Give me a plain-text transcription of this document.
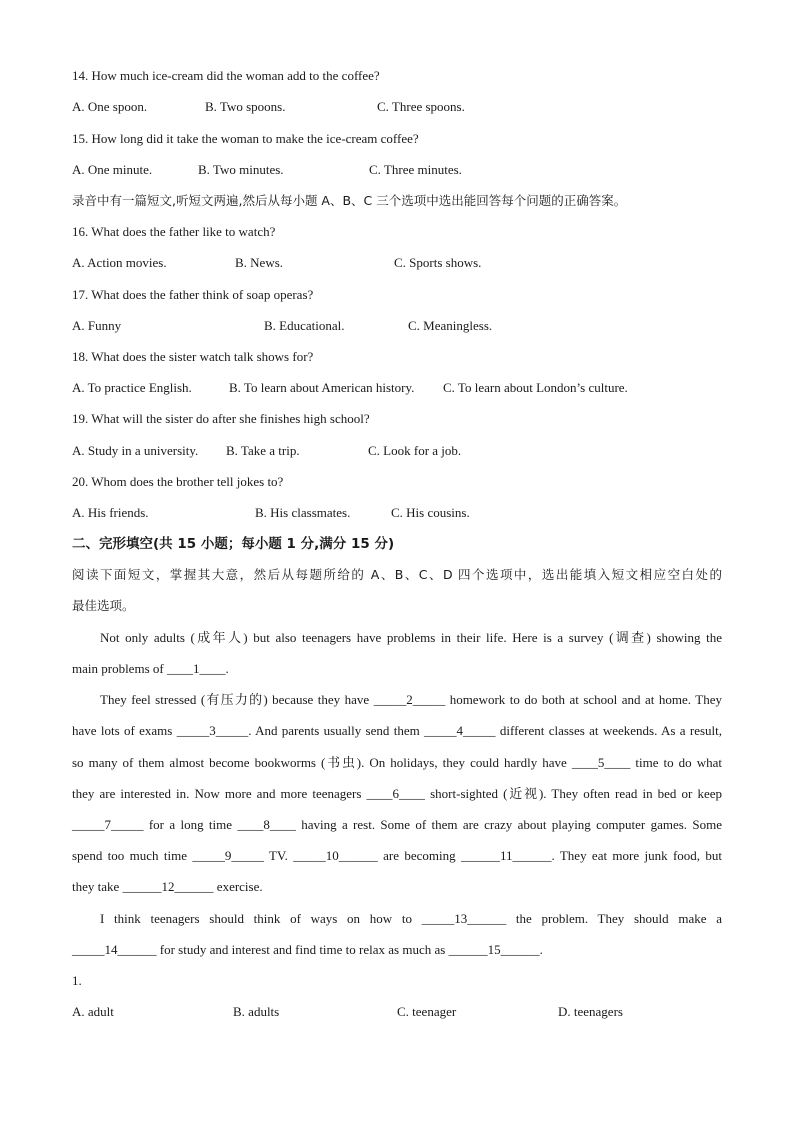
14. How much ice-cream did the woman add to the coffee?
A. One spoon.	B. Two spoons.	C. Three spoons.
15. How long did it take the woman to make the ice-cream coffee?
A. One minute.	B. Two minutes.	C. Three minutes.
录音中有一篇短文,听短文两遍,然后从每小题 A、B、C 三个选项中选出能回答每个问题的正确答案。
16. What does the father like to watch?
A. Action movies.	B. News.	C. Sports shows.
17. What does the father think of soap operas?
A. Funny	B. Educational.	C. Meaningless.
18. What does the sister watch talk shows for?
A. To practice English.	B. To learn about American history. C. To learn about London’s culture.
19. What will the sister do after she finishes high school?
A. Study in a university. B. Take a trip.	C. Look for a job.
20. Whom does the brother tell jokes to?
A. His friends.	B. His classmates.	C. His cousins.
二、完形填空(共 15 小题；每小题 1 分,满分 15 分)
阅读下面短文，掌握其大意，然后从每题所给的 A、B、C、D 四个选项中，选出能填入短文相应空白处的
最佳选项。
Not only adults (成年人) but also teenagers have problems in their life. Here is a survey (调查) showing the
main problems of ____1____.
They feel stressed (有压力的) because they have _____2_____ homework to do both at school and at home. They
have lots of exams _____3_____. And parents usually send them _____4_____ different classes at weekends. As a result,
so many of them almost become bookworms (书虫). On holidays, they could hardly have ____5____ time to do what
they are interested in. Now more and more teenagers ____6____ short-sighted (近视). They often read in bed or keep
_____7_____ for a long time ____8____ having a rest. Some of them are crazy about playing computer games. Some
spend too much time _____9_____ TV. _____10______ are becoming ______11______. They eat more junk food, but
they take ______12______ exercise.
I think teenagers should think of ways on how to _____13______ the problem. They should make a
_____14______ for study and interest and find time to relax as much as ______15______.
1.
A. adult	B. adults	C. teenager	D. teenagers
